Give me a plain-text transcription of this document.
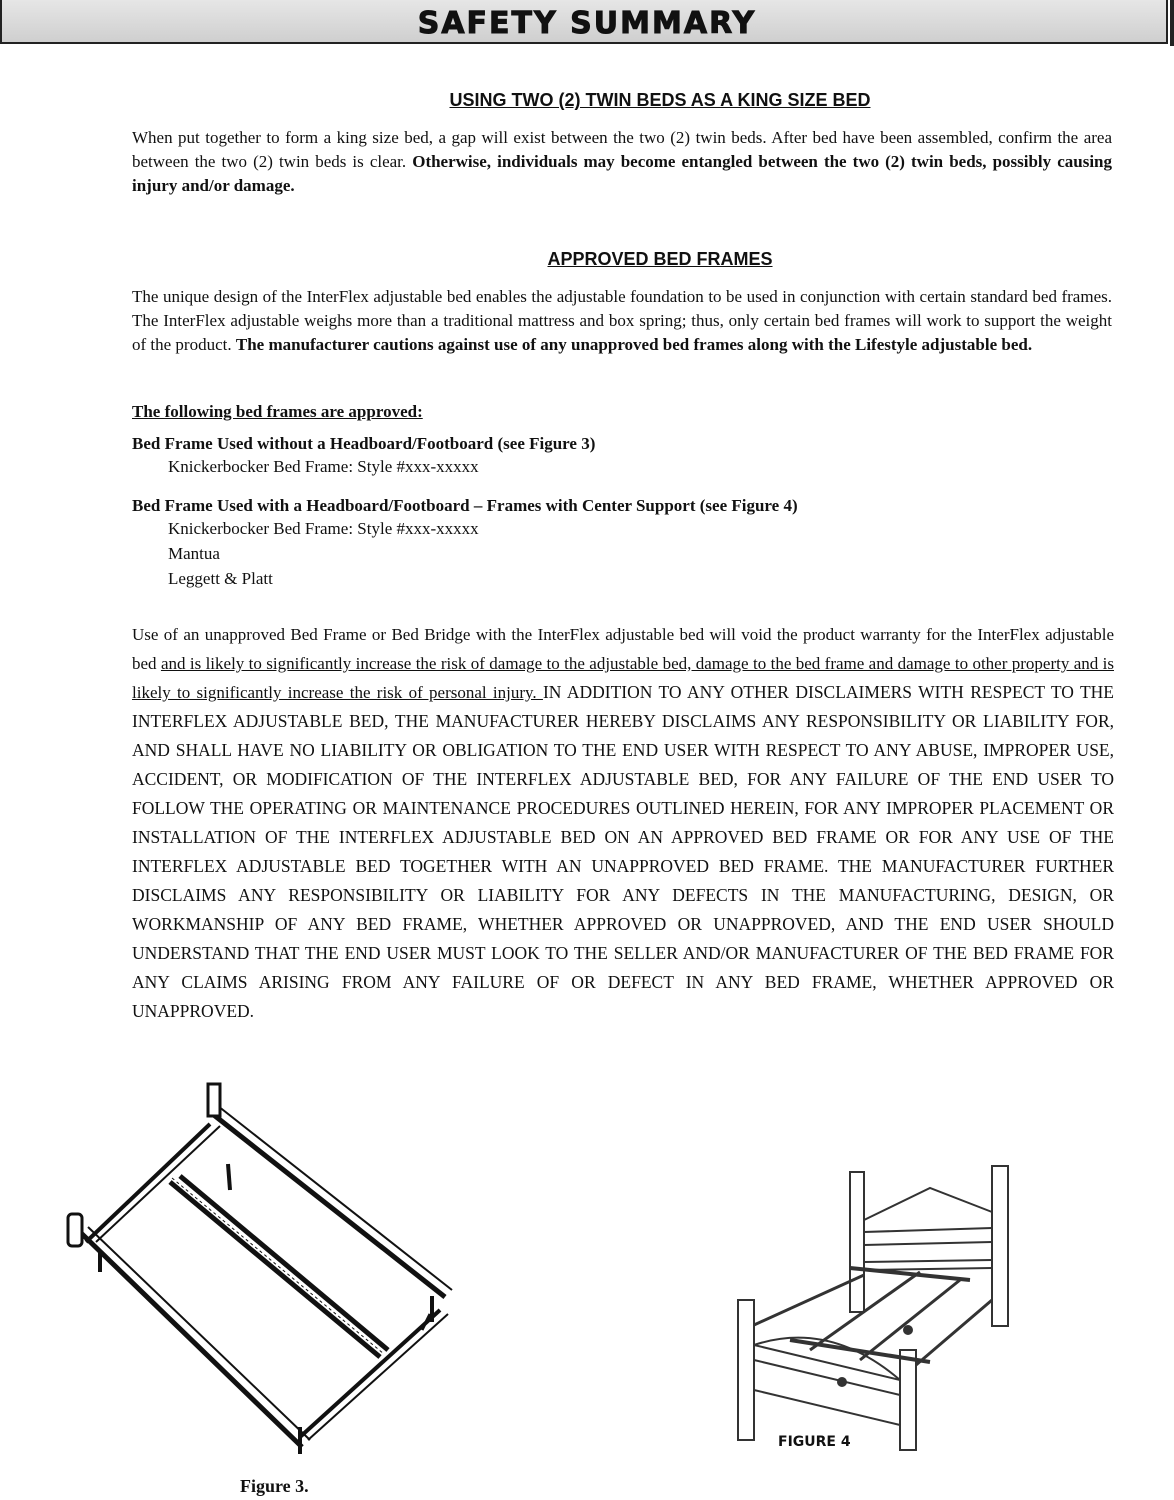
SAFETY SUMMARY
USING TWO (2) TWIN BEDS AS A KING SIZE BED
When put together to form a king size bed, a gap will exist between the two (2) twin beds. After bed have been assembled, confirm the area between the two (2) twin beds is clear. Otherwise, individuals may become entangled between the two (2) twin beds, possibly causing injury and/or damage.
APPROVED BED FRAMES
The unique design of the InterFlex adjustable bed enables the adjustable foundation to be used in conjunction with certain standard bed frames. The InterFlex adjustable weighs more than a traditional mattress and box spring; thus, only certain bed frames will work to support the weight of the product. The manufacturer cautions against use of any unapproved bed frames along with the Lifestyle adjustable bed.
The following bed frames are approved:
Bed Frame Used without a Headboard/Footboard (see Figure 3)
Knickerbocker Bed Frame: Style #xxx-xxxxx
Bed Frame Used with a Headboard/Footboard – Frames with Center Support (see Figure 4)
Knickerbocker Bed Frame: Style #xxx-xxxxx
Mantua
Leggett & Platt
Use of an unapproved Bed Frame or Bed Bridge with the InterFlex adjustable bed will void the product warranty for the InterFlex adjustable bed and is likely to significantly increase the risk of damage to the adjustable bed, damage to the bed frame and damage to other property and is likely to significantly increase the risk of personal injury. IN ADDITION TO ANY OTHER DISCLAIMERS WITH RESPECT TO THE INTERFLEX ADJUSTABLE BED, THE MANUFACTURER HEREBY DISCLAIMS ANY RESPONSIBILITY OR LIABILITY FOR, AND SHALL HAVE NO LIABILITY OR OBLIGATION TO THE END USER WITH RESPECT TO ANY ABUSE, IMPROPER USE, ACCIDENT, OR MODIFICATION OF THE INTERFLEX ADJUSTABLE BED, FOR ANY FAILURE OF THE END USER TO FOLLOW THE OPERATING OR MAINTENANCE PROCEDURES OUTLINED HEREIN, FOR ANY IMPROPER PLACEMENT OR INSTALLATION OF THE INTERFLEX ADJUSTABLE BED ON AN APPROVED BED FRAME OR FOR ANY USE OF THE INTERFLEX ADJUSTABLE BED TOGETHER WITH AN UNAPPROVED BED FRAME. THE MANUFACTURER FURTHER DISCLAIMS ANY RESPONSIBILITY OR LIABILITY FOR ANY DEFECTS IN THE MANUFACTURING, DESIGN, OR WORKMANSHIP OF ANY BED FRAME, WHETHER APPROVED OR UNAPPROVED, AND THE END USER SHOULD UNDERSTAND THAT THE END USER MUST LOOK TO THE SELLER AND/OR MANUFACTURER OF THE BED FRAME FOR ANY CLAIMS ARISING FROM ANY FAILURE OF OR DEFECT IN ANY BED FRAME, WHETHER APPROVED OR UNAPPROVED.
FIGURE 4
Figure 3.
